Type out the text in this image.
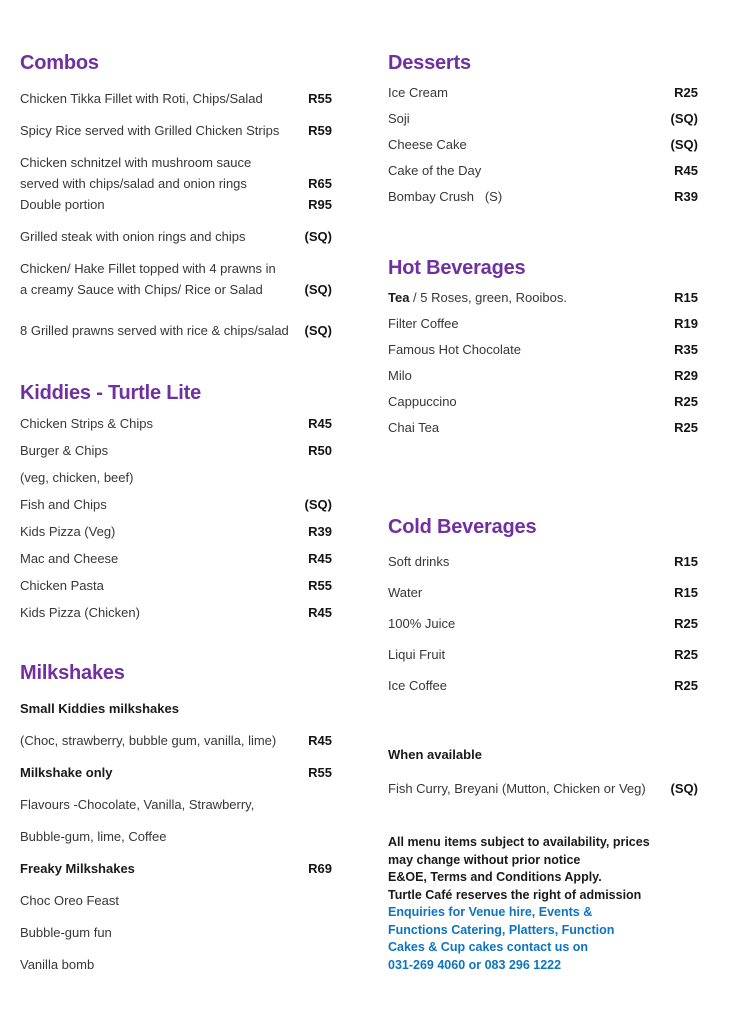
Combos
Chicken Tikka Fillet with Roti, Chips/Salad	R55
Spicy Rice served with Grilled Chicken Strips R59
Chicken schnitzel with mushroom sauce
served with chips/salad and onion rings	R65
Double portion	R95
Grilled steak with onion rings and chips	(SQ)
Chicken/ Hake Fillet topped with 4 prawns in
a creamy Sauce with Chips/ Rice or Salad	(SQ)
8 Grilled prawns served with rice & chips/salad (SQ)
Kiddies - Turtle Lite
Chicken Strips & Chips	R45
Burger & Chips	R50
(veg, chicken, beef)
Fish and Chips	(SQ)
Kids Pizza (Veg)	R39
Mac and Cheese	R45
Chicken Pasta	R55
Kids Pizza (Chicken)	R45
Milkshakes
Small Kiddies milkshakes
(Choc, strawberry, bubble gum, vanilla, lime) R45
Milkshake only	R55
Flavours -Chocolate, Vanilla, Strawberry,
Bubble-gum, lime, Coffee
Freaky Milkshakes	R69
Choc Oreo Feast
Bubble-gum fun
Vanilla bomb
Desserts
Ice Cream	R25
Soji	(SQ)
Cheese Cake	(SQ)
Cake of the Day	R45
Bombay Crush   (S)	R39
Hot Beverages
Tea / 5 Roses, green, Rooibos.	R15
Filter Coffee	R19
Famous Hot Chocolate	R35
Milo	R29
Cappuccino	R25
Chai Tea	R25
Cold Beverages
Soft drinks	R15
Water	R15
100% Juice	R25
Liqui Fruit	R25
Ice Coffee	R25
When available
Fish Curry, Breyani (Mutton, Chicken or Veg) (SQ)
All menu items subject to availability, prices
may change without prior notice
E&OE, Terms and Conditions Apply.
Turtle Café reserves the right of admission
Enquiries for Venue hire, Events &
Functions Catering, Platters, Function
Cakes & Cup cakes contact us on
031-269 4060 or 083 296 1222
